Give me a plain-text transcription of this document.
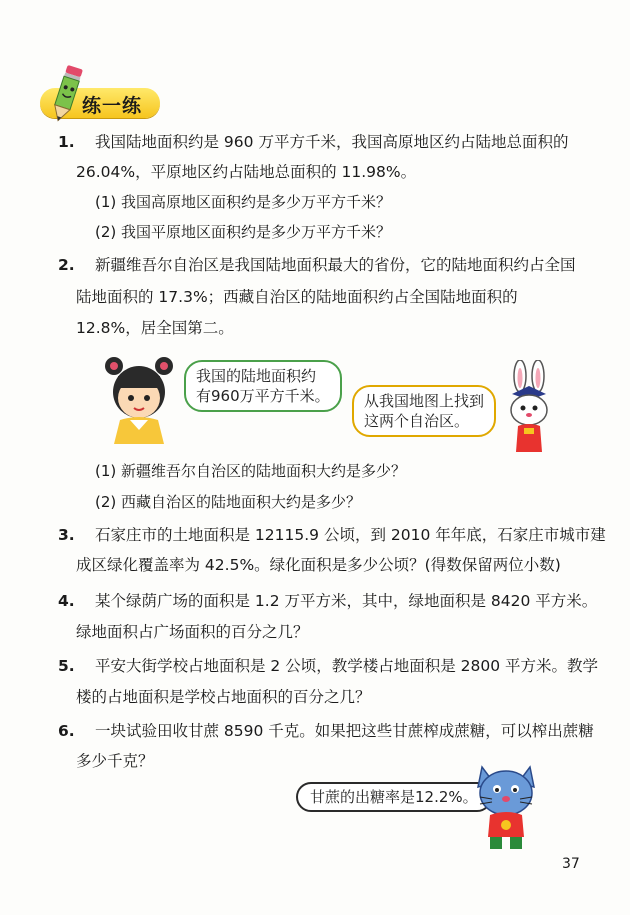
练一练
1. 我国陆地面积约是 960 万平方千米，我国高原地区约占陆地总面积的
26.04%，平原地区约占陆地总面积的 11.98%。
(1) 我国高原地区面积约是多少万平方千米？
(2) 我国平原地区面积约是多少万平方千米？
2. 新疆维吾尔自治区是我国陆地面积最大的省份，它的陆地面积约占全国
陆地面积的 17.3%；西藏自治区的陆地面积约占全国陆地面积的
12.8%，居全国第二。
我国的陆地面积约
有960万平方千米。 从我国地图上找到
这两个自治区。
(1) 新疆维吾尔自治区的陆地面积大约是多少？
(2) 西藏自治区的陆地面积大约是多少？
3. 石家庄市的土地面积是 12115.9 公顷，到 2010 年年底，石家庄市城市建
成区绿化覆盖率为 42.5%。绿化面积是多少公顷？(得数保留两位小数)
4. 某个绿荫广场的面积是 1.2 万平方米，其中，绿地面积是 8420 平方米。
绿地面积占广场面积的百分之几？
5. 平安大街学校占地面积是 2 公顷，教学楼占地面积是 2800 平方米。教学
楼的占地面积是学校占地面积的百分之几？
6. 一块试验田收甘蔗 8590 千克。如果把这些甘蔗榨成蔗糖，可以榨出蔗糖
多少千克？
甘蔗的出糖率是12.2%。
37
